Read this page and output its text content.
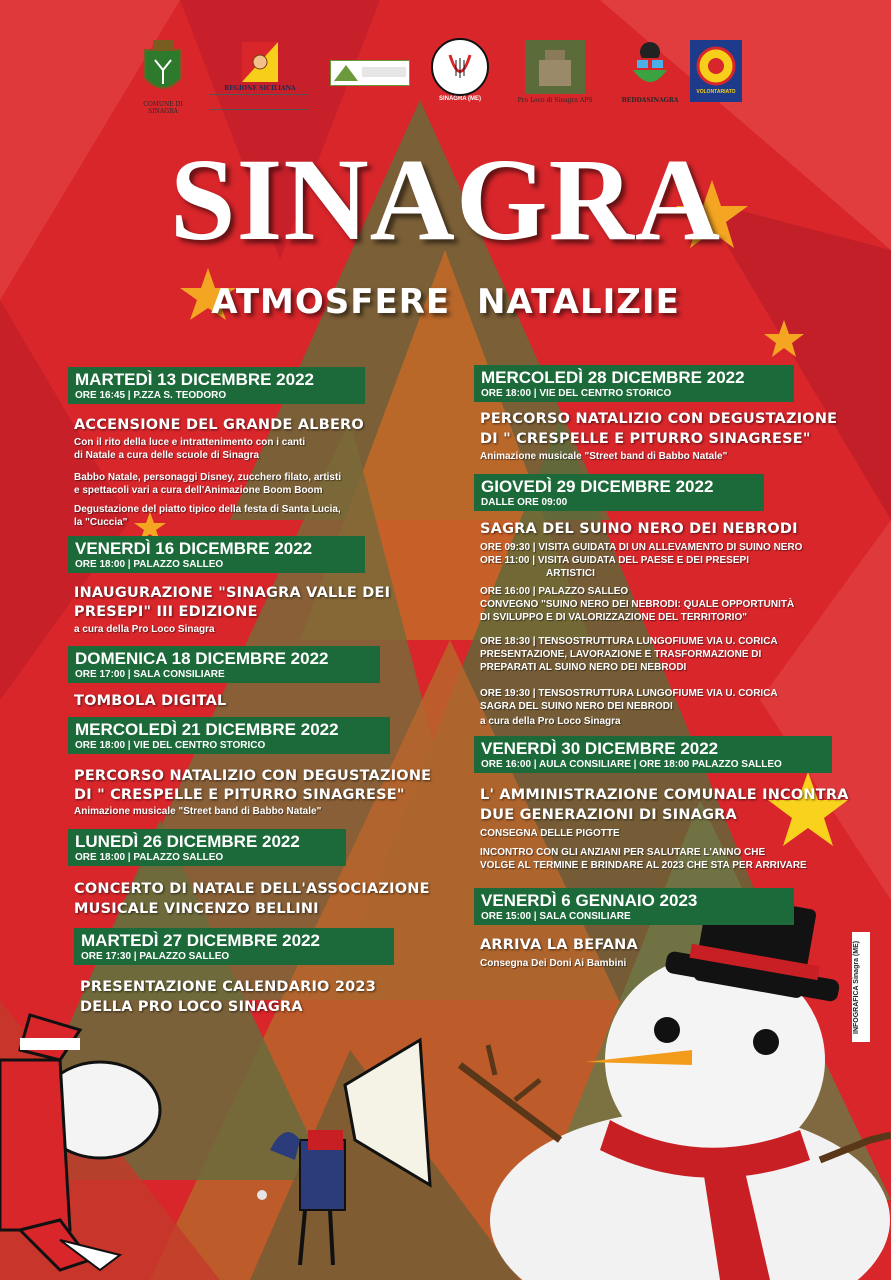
COMUNE DI SINAGRA
REGIONE SICILIANA
SINAGRA (ME)	Pro Loco di Sinagra APS	BEDDASINAGRA
VOLONTARIATO
SINAGRA
ATMOSFERE NATALIZIE
MARTEDÌ 13 DICEMBRE 2022
ORE 16:45 | P.ZZA S. TEODORO
ACCENSIONE DEL GRANDE ALBERO
Con il rito della luce e intrattenimento con i canti
di Natale a cura delle scuole di Sinagra
Babbo Natale, personaggi Disney, zucchero filato, artisti
e spettacoli vari a cura dell'Animazione Boom Boom
Degustazione del piatto tipico della festa di Santa Lucia,
la "Cuccia"
VENERDÌ 16 DICEMBRE 2022
ORE 18:00 | PALAZZO SALLEO
INAUGURAZIONE "SINAGRA VALLE DEI
PRESEPI" III EDIZIONE
a cura della Pro Loco Sinagra
DOMENICA 18 DICEMBRE 2022
ORE 17:00 | SALA CONSILIARE
TOMBOLA DIGITAL
MERCOLEDÌ 21 DICEMBRE 2022
ORE 18:00 | VIE DEL CENTRO STORICO
PERCORSO NATALIZIO CON DEGUSTAZIONE
DI " CRESPELLE E PITURRO SINAGRESE"
Animazione musicale "Street band di Babbo Natale"
LUNEDÌ 26 DICEMBRE 2022
ORE 18:00 | PALAZZO SALLEO
CONCERTO DI NATALE DELL'ASSOCIAZIONE
MUSICALE VINCENZO BELLINI
MARTEDÌ 27 DICEMBRE 2022
ORE 17:30 | PALAZZO SALLEO
PRESENTAZIONE CALENDARIO 2023
DELLA PRO LOCO SINAGRA
MERCOLEDÌ 28 DICEMBRE 2022
ORE 18:00 | VIE DEL CENTRO STORICO
PERCORSO NATALIZIO CON DEGUSTAZIONE
DI " CRESPELLE E PITURRO SINAGRESE"
Animazione musicale "Street band di Babbo Natale"
GIOVEDÌ 29 DICEMBRE 2022
DALLE ORE 09:00
SAGRA DEL SUINO NERO DEI NEBRODI
ORE 09:30 | VISITA GUIDATA DI UN ALLEVAMENTO DI SUINO NERO
ORE 11:00 | VISITA GUIDATA DEL PAESE E DEI PRESEPI
ARTISTICI
ORE 16:00 | PALAZZO SALLEO
CONVEGNO "SUINO NERO DEI NEBRODI: QUALE OPPORTUNITÀ
DI SVILUPPO E DI VALORIZZAZIONE DEL TERRITORIO"
ORE 18:30 | TENSOSTRUTTURA LUNGOFIUME VIA U. CORICA
PRESENTAZIONE, LAVORAZIONE E TRASFORMAZIONE DI
PREPARATI AL SUINO NERO DEI NEBRODI
ORE 19:30 | TENSOSTRUTTURA LUNGOFIUME VIA U. CORICA
SAGRA DEL SUINO NERO DEI NEBRODI
a cura della Pro Loco Sinagra
VENERDÌ 30 DICEMBRE 2022
ORE 16:00 | AULA CONSILIARE | ORE 18:00 PALAZZO SALLEO
L' AMMINISTRAZIONE COMUNALE INCONTRA
DUE GENERAZIONI DI SINAGRA
CONSEGNA DELLE PIGOTTE
INCONTRO CON GLI ANZIANI PER SALUTARE L'ANNO CHE
VOLGE AL TERMINE E BRINDARE AL 2023 CHE STA PER ARRIVARE
VENERDÌ 6 GENNAIO 2023
ORE 15:00 | SALA CONSILIARE
ARRIVA LA BEFANA
Consegna Dei Doni Ai Bambini	INFOGRAFICA Sinagra (ME)
